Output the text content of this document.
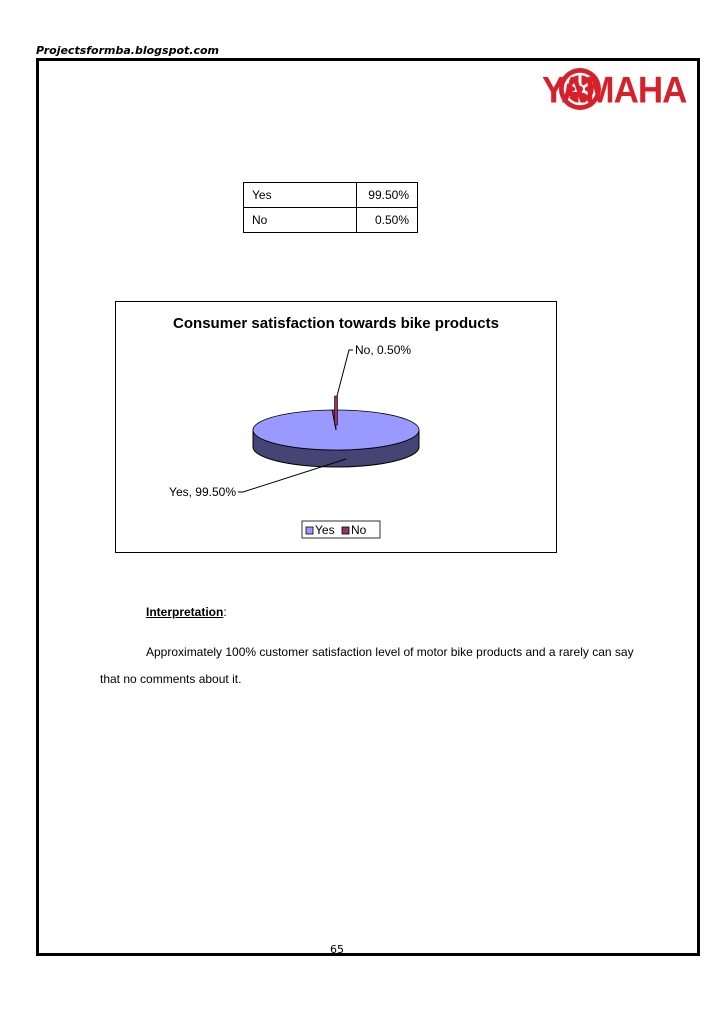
Projectsformba.blogspot.com
YAMAHA
Yes	99.50%
No	0.50%
Consumer satisfaction towards bike products
No, 0.50%
Yes, 99.50%
Yes No
Interpretation:
Approximately 100% customer satisfaction level of motor bike products and a rarely can say that no comments about it.
65
